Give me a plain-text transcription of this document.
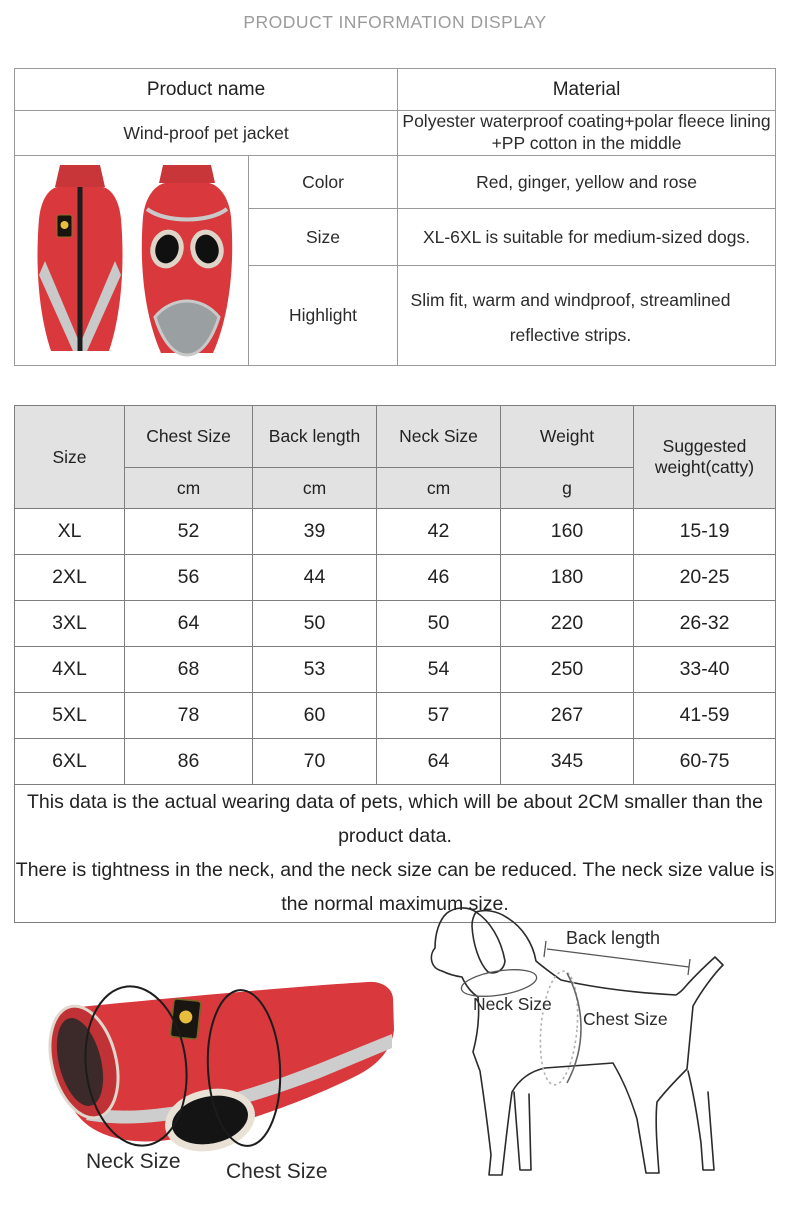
PRODUCT INFORMATION DISPLAY
Product name		Material
Wind-proof pet jacket		Polyester waterproof coating+polar fleece lining
+PP cotton in the middle

	Color	Red, ginger, yellow and rose
	Size	XL-6XL is suitable for medium-sized dogs.
	Highlight	Slim fit, warm and windproof, streamlined reflective strips.
Size	Chest Size	Back length	Neck Size	Weight	Suggested weight(catty)
	cm	cm	cm	g	
XL	52	39	42	160	15-19
2XL	56	44	46	180	20-25
3XL	64	50	50	220	26-32
4XL	68	53	54	250	33-40
5XL	78	60	57	267	41-59
6XL	86	70	64	345	60-75

This data is the actual wearing data of pets, which will be about 2CM smaller than the product data.
There is tightness in the neck, and the neck size can be reduced. The neck size value is the normal maximum size.					
Neck Size Chest Size
Back length
Neck Size
Chest Size
